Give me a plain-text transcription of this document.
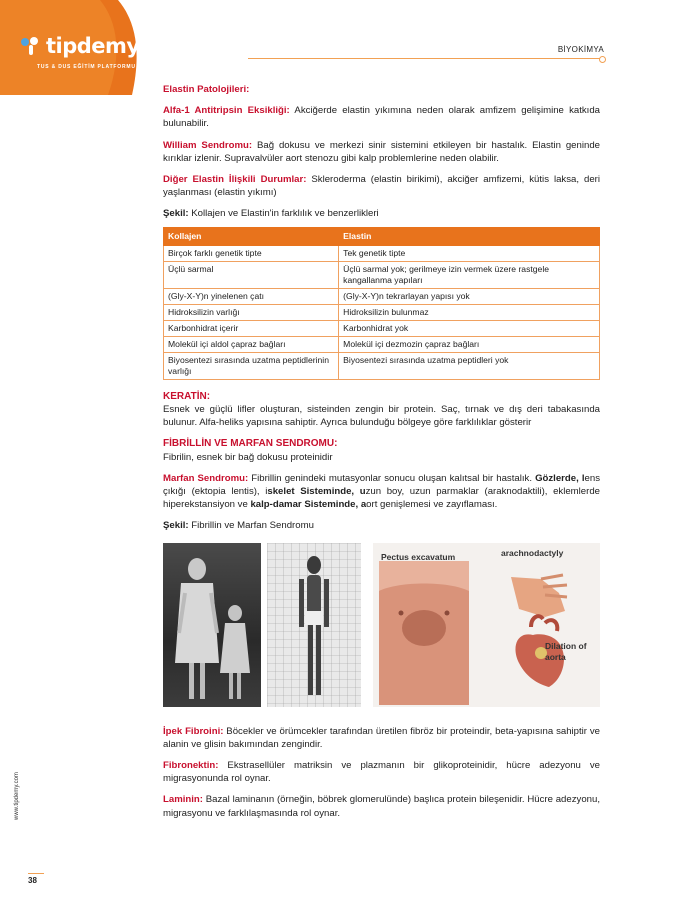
tipdemy
TUS & DUS EĞİTİM PLATFORMU
BİYOKİMYA
www.tipdemy.com
38

Elastin Patolojileri:

Alfa-1 Antitripsin Eksikliği: Akciğerde elastin yıkımına neden olarak amfizem gelişimine katkıda bulunabilir.

William Sendromu: Bağ dokusu ve merkezi sinir sistemini etkileyen bir hastalık. Elastin geninde kırıklar izlenir. Supravalvüler aort stenozu gibi kalp problemlerine neden olabilir.

Diğer Elastin İlişkili Durumlar: Skleroderma (elastin birikimi), akciğer amfizemi, kütis laksa, deri yaşlanması (elastin yıkımı)

Şekil: Kollajen ve Elastin'in farklılık ve benzerlikleri

Kollajen	Elastin
Birçok farklı genetik tipte	Tek genetik tipte
Üçlü sarmal	Üçlü sarmal yok; gerilmeye izin vermek üzere rastgele kangallanma yapıları
(Gly-X-Y)n yinelenen çatı	(Gly-X-Y)n tekrarlayan yapısı yok
Hidroksilizin varlığı	Hidroksilizin bulunmaz
Karbonhidrat içerir	Karbonhidrat yok
Molekül içi aldol çapraz bağları	Molekül içi dezmozin çapraz bağları
Biyosentezi sırasında uzatma peptidlerinin varlığı	Biyosentezi sırasında uzatma peptidleri yok

KERATİN:

Esnek ve güçlü lifler oluşturan, sisteinden zengin bir protein. Saç, tırnak ve dış deri tabakasında bulunur. Alfa-heliks yapısına sahiptir. Ayrıca bulunduğu bölgeye göre farklılıklar gösterir

FİBRİLLİN VE MARFAN SENDROMU:

Fibrilin, esnek bir bağ dokusu proteinidir

Marfan Sendromu: Fibrillin genindeki mutasyonlar sonucu oluşan kalıtsal bir hastalık. Gözlerde, lens çıkığı (ektopia lentis), iskelet Sisteminde, uzun boy, uzun parmaklar (araknodaktili), eklemlerde hiperekstansiyon ve kalp-damar Sisteminde, aort genişlemesi ve zayıflaması.

Şekil: Fibrillin ve Marfan Sendromu

Pectus excavatum	arachnodactyly
Dilation of aorta

İpek Fibroini: Böcekler ve örümcekler tarafından üretilen fibröz bir proteindir, beta-yapısına sahiptir ve alanin ve glisin bakımından zengindir.

Fibronektin: Ekstrasellüler matriksin ve plazmanın bir glikoproteinidir, hücre adezyonu ve migrasyonunda rol oynar.

Laminin: Bazal laminanın (örneğin, böbrek glomerulünde) başlıca protein bileşenidir. Hücre adezyonu, migrasyonu ve farklılaşmasında rol oynar.
